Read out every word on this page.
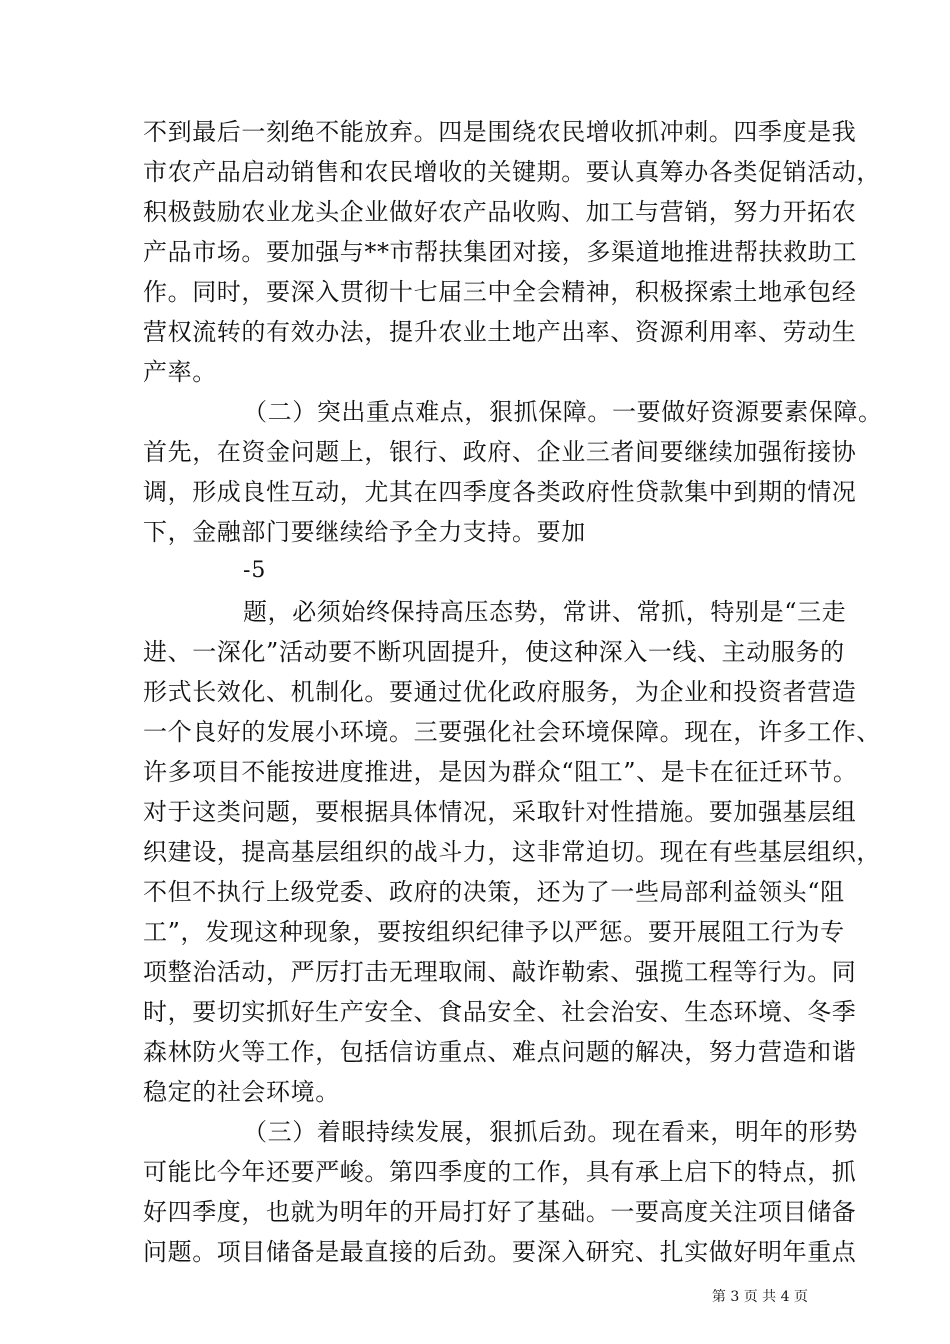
不到最后一刻绝不能放弃。四是围绕农民增收抓冲刺。四季度是我
市农产品启动销售和农民增收的关键期。要认真筹办各类促销活动，
积极鼓励农业龙头企业做好农产品收购、加工与营销，努力开拓农
产品市场。要加强与**市帮扶集团对接，多渠道地推进帮扶救助工
作。同时，要深入贯彻十七届三中全会精神，积极探索土地承包经
营权流转的有效办法，提升农业土地产出率、资源利用率、劳动生
产率。
（二）突出重点难点，狠抓保障。一要做好资源要素保障。
首先，在资金问题上，银行、政府、企业三者间要继续加强衔接协
调，形成良性互动，尤其在四季度各类政府性贷款集中到期的情况
下，金融部门要继续给予全力支持。要加
-5
题，必须始终保持高压态势，常讲、常抓，特别是“三走
进、一深化”活动要不断巩固提升，使这种深入一线、主动服务的
形式长效化、机制化。要通过优化政府服务，为企业和投资者营造
一个良好的发展小环境。三要强化社会环境保障。现在，许多工作、
许多项目不能按进度推进，是因为群众“阻工”、是卡在征迁环节。
对于这类问题，要根据具体情况，采取针对性措施。要加强基层组
织建设，提高基层组织的战斗力，这非常迫切。现在有些基层组织，
不但不执行上级党委、政府的决策，还为了一些局部利益领头“阻
工”，发现这种现象，要按组织纪律予以严惩。要开展阻工行为专
项整治活动，严厉打击无理取闹、敲诈勒索、强揽工程等行为。同
时，要切实抓好生产安全、食品安全、社会治安、生态环境、冬季
森林防火等工作，包括信访重点、难点问题的解决，努力营造和谐
稳定的社会环境。
（三）着眼持续发展，狠抓后劲。现在看来，明年的形势
可能比今年还要严峻。第四季度的工作，具有承上启下的特点，抓
好四季度，也就为明年的开局打好了基础。一要高度关注项目储备
问题。项目储备是最直接的后劲。要深入研究、扎实做好明年重点
第 3 页 共 4 页
